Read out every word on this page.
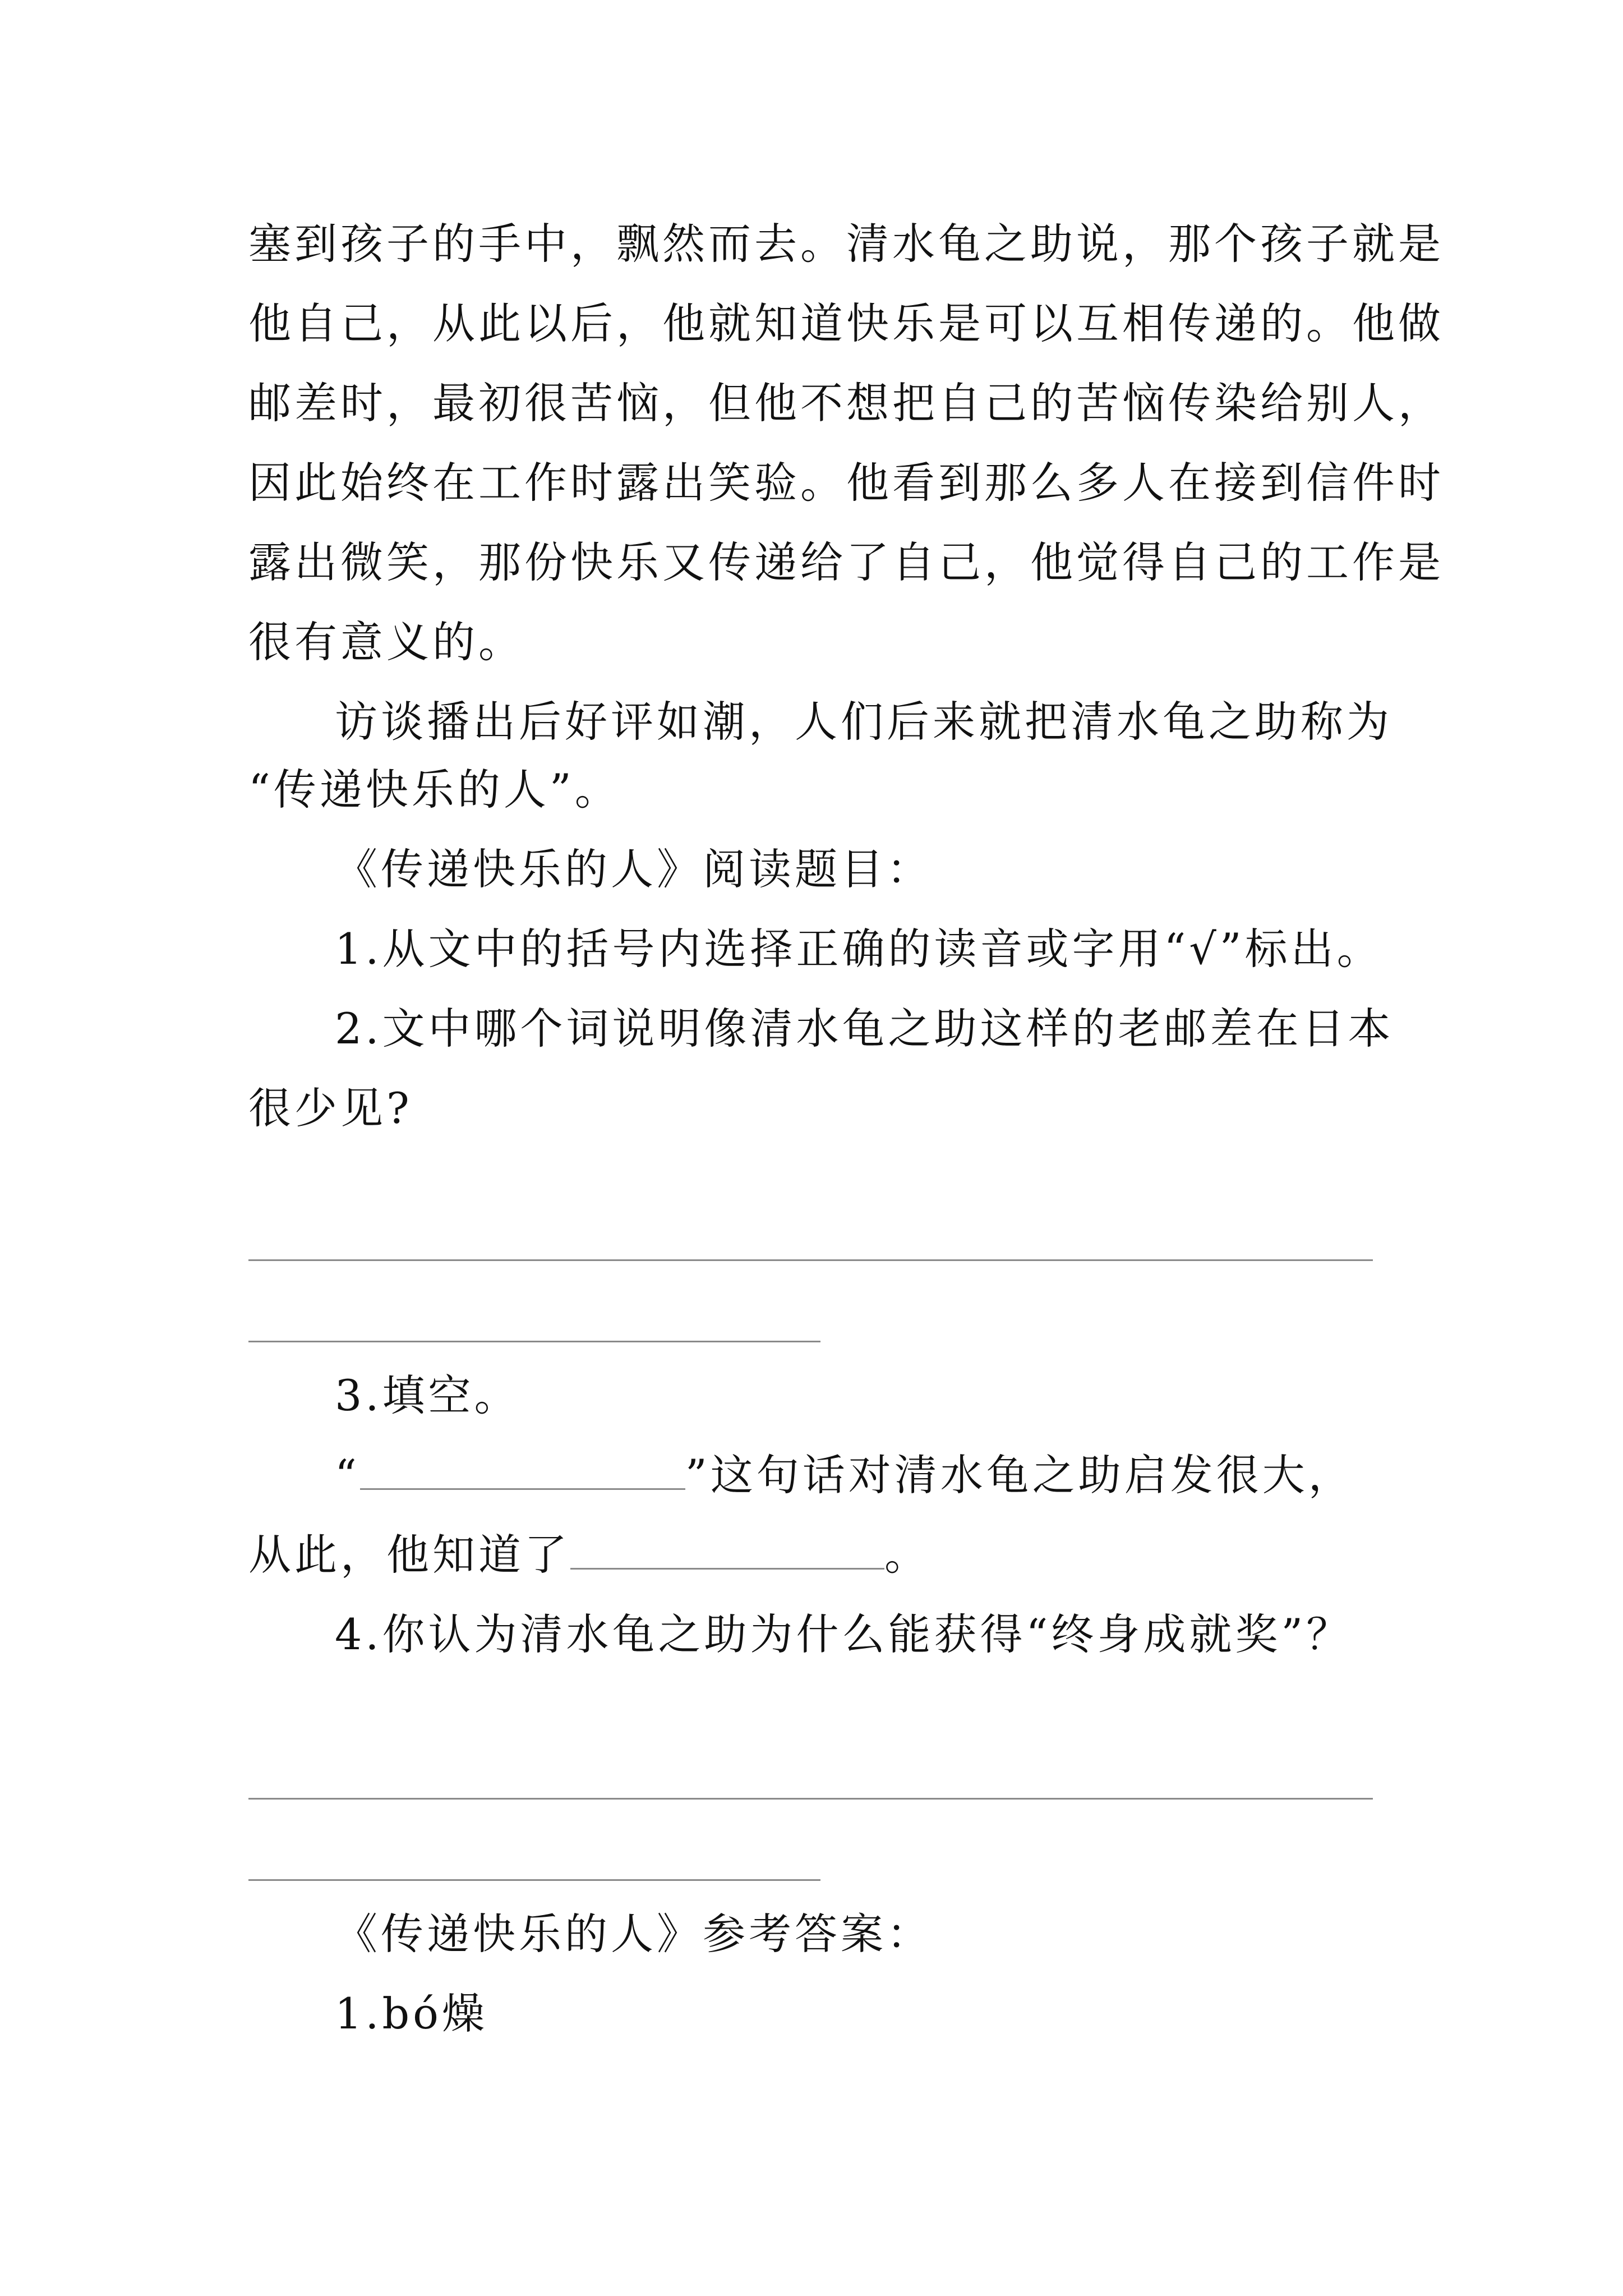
塞到孩子的手中，飘然而去。清水龟之助说，那个孩子就是
他自己，从此以后，他就知道快乐是可以互相传递的。他做
邮差时，最初很苦恼，但他不想把自己的苦恼传染给别人，
因此始终在工作时露出笑验。他看到那么多人在接到信件时
露出微笑，那份快乐又传递给了自己，他觉得自己的工作是
很有意义的。
访谈播出后好评如潮，人们后来就把清水龟之助称为
“传递快乐的人”。
《传递快乐的人》阅读题目：
1.从文中的括号内选择正确的读音或字用“√”标出。
2.文中哪个词说明像清水龟之助这样的老邮差在日本
很少见?
3.填空。
“	”这句话对清水龟之助启发很大，
从此，他知道了	。
4.你认为清水龟之助为什么能获得“终身成就奖”？
《传递快乐的人》参考答案：
1.bó燥
